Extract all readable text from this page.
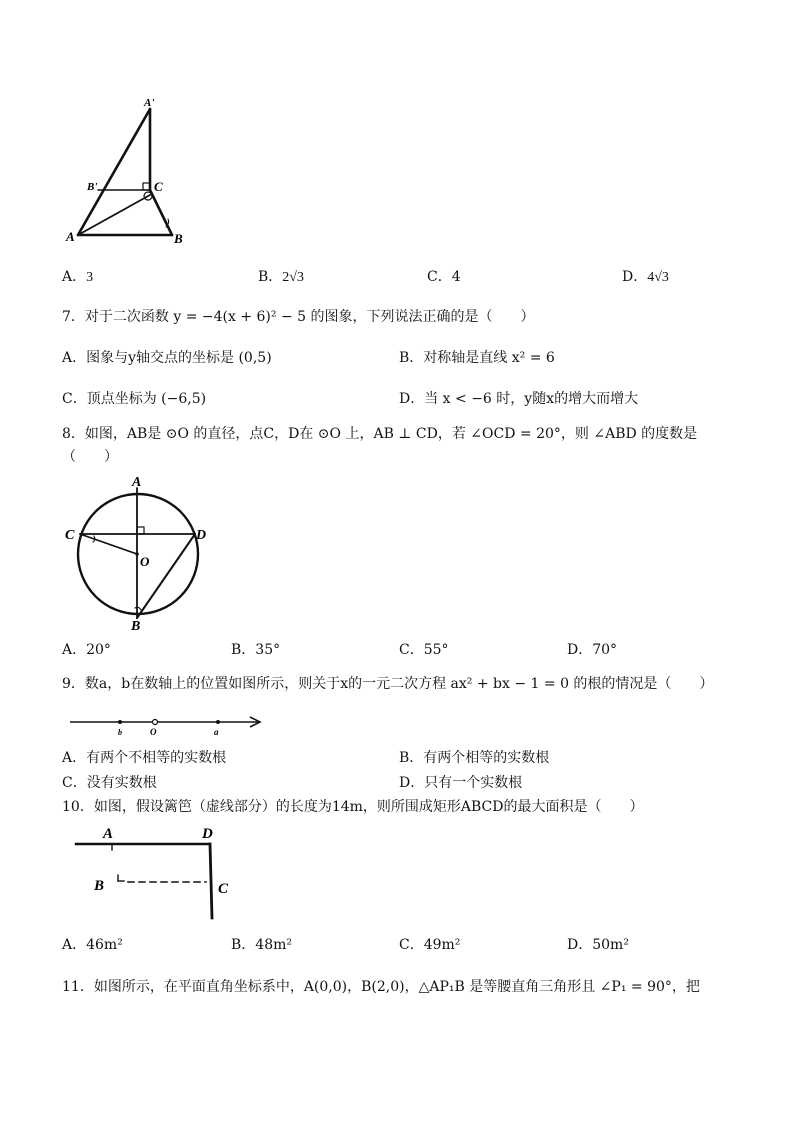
A'
B'	C
A	B
A．3	B．2√3	C．4	D．4√3
7．对于二次函数 y = −4(x + 6)² − 5 的图象，下列说法正确的是（　　）
A．图象与y轴交点的坐标是 (0,5)	B．对称轴是直线 x² = 6
C．顶点坐标为 (−6,5)	D．当 x < −6 时，y随x的增大而增大
8．如图，AB是 ⊙O 的直径，点C，D在 ⊙O 上，AB ⊥ CD，若 ∠OCD = 20°，则 ∠ABD 的度数是
（　　）
A
C	D
O
B
A．20°	B．35°	C．55°	D．70°
9．数a，b在数轴上的位置如图所示，则关于x的一元二次方程 ax² + bx − 1 = 0 的根的情况是（　　）
b	O	a
A．有两个不相等的实数根	B．有两个相等的实数根
C．没有实数根	D．只有一个实数根
10．如图，假设篱笆（虚线部分）的长度为14m，则所围成矩形ABCD的最大面积是（　　）
A	D
B	C
A．46m²	B．48m²	C．49m²	D．50m²
11．如图所示，在平面直角坐标系中，A(0,0)，B(2,0)，△AP₁B 是等腰直角三角形且 ∠P₁ = 90°，把
